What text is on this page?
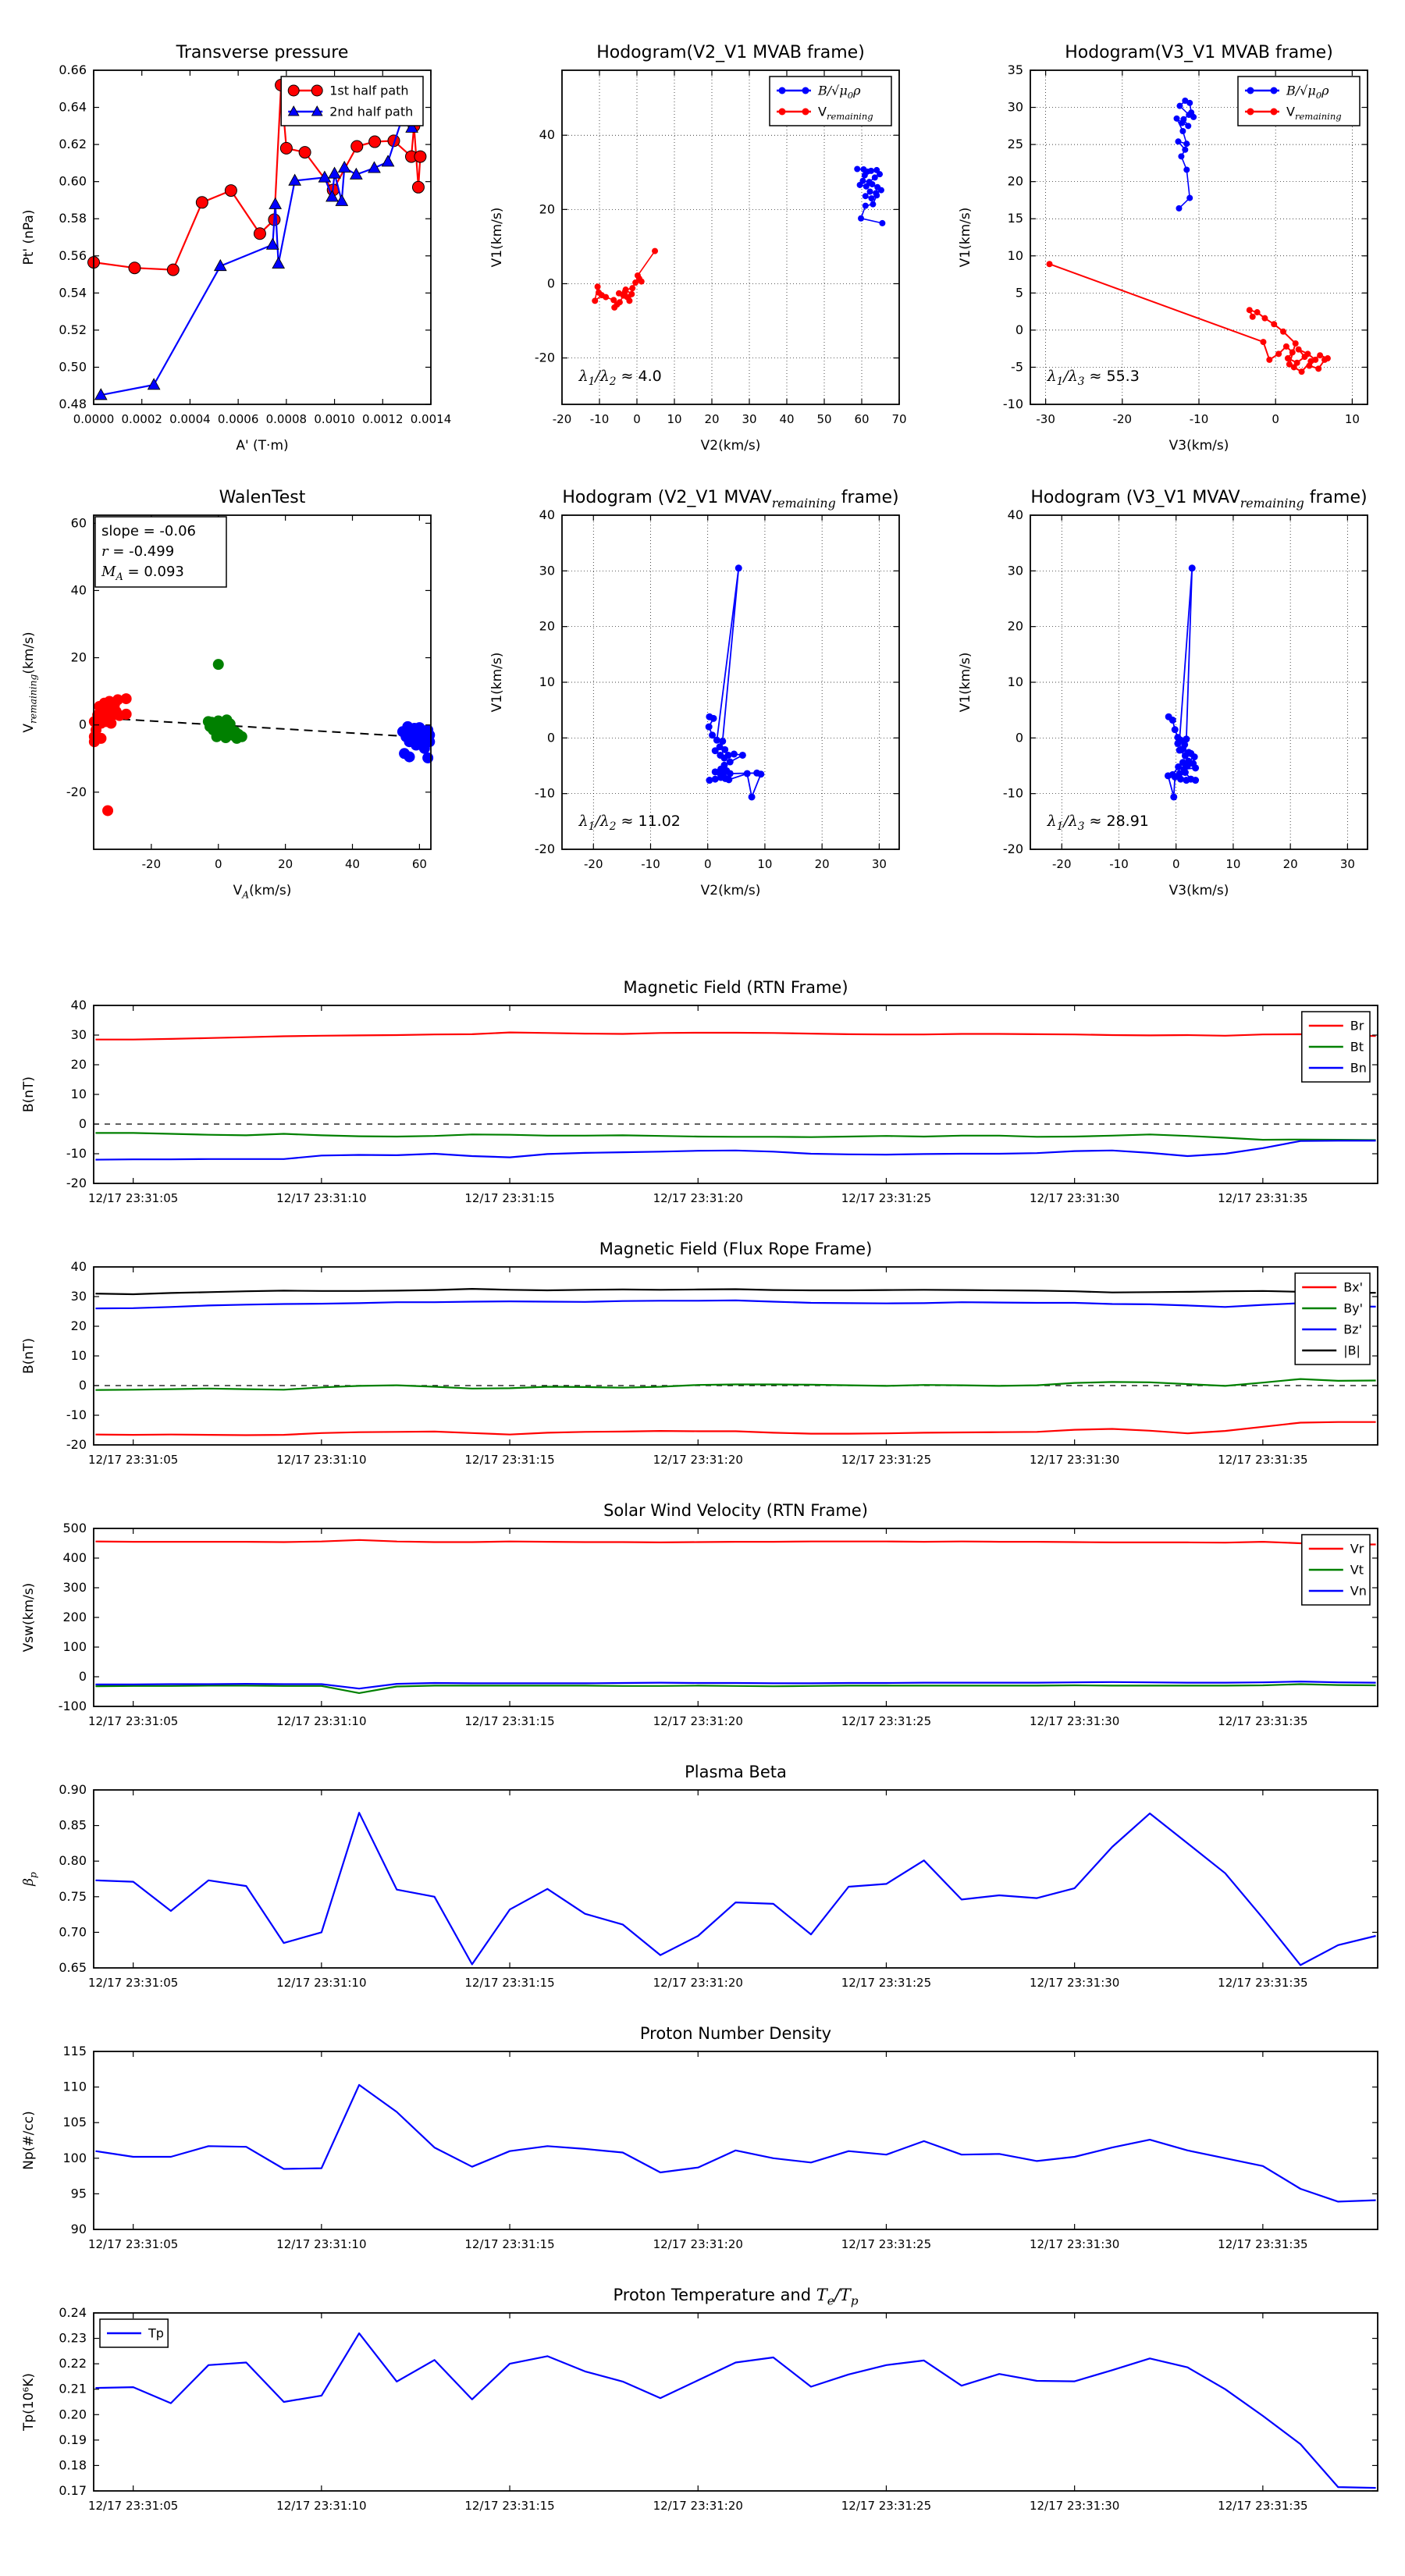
0.0000 0.0002 0.0004 0.0006 0.0008 0.0010 0.0012 0.0014
0.48
0.50
0.52
0.54
0.56
0.58
0.60
0.62
0.64
0.66
Transverse pressure
A' (T·m)
Pt' (nPa)
1st half path
2nd half path
-20 -10 0 10 20 30 40 50 60 70
-20
0
20
40
Hodogram(V2_V1 MVAB frame)
V2(km/s)
V1(km/s)
$\lambda_1/\lambda_2 \approx 4.0$
$B/√\mu_0\rho$
$V_{remaining}$
-30	-20	-10	0	10
-10
-5
0
5
10
15
20
25
30
35
Hodogram(V3_V1 MVAB frame)
V3(km/s)
V1(km/s)
$\lambda_1/\lambda_3 \approx 55.3$
$B/√\mu_0\rho$
$V_{remaining}$
-20	0	20	40	60
-20
0
20
40
60
WalenTest
$V_A(km/s)$
$V_{remaining}(km/s)$
slope = -0.06
r = -0.499
$M_A = 0.093$
-20	-10	0	10	20	30
-20
-10
0
10
20
30
40
Hodogram (V2_V1 $MVAV_{remaining}$ frame)
V2(km/s)
V1(km/s)
$\lambda_1/\lambda_2 \approx 11.02$
-20	-10	0	10	20	30
-20
-10
0
10
20
30
40
Hodogram (V3_V1 $MVAV_{remaining}$ frame)
V3(km/s)
V1(km/s)
$\lambda_1/\lambda_3 \approx 28.91$
12/17 23:31:05	12/17 23:31:10	12/17 23:31:15	12/17 23:31:20	12/17 23:31:25	12/17 23:31:30	12/17 23:31:35
-20
-10
0
10
20
30
40
Magnetic Field (RTN Frame)
B(nT)
Br
Bt
Bn
12/17 23:31:05	12/17 23:31:10	12/17 23:31:15	12/17 23:31:20	12/17 23:31:25	12/17 23:31:30	12/17 23:31:35
-20
-10
0
10
20
30
40
Magnetic Field (Flux Rope Frame)
B(nT)
Bx'
By'
Bz'
|B|
12/17 23:31:05	12/17 23:31:10	12/17 23:31:15	12/17 23:31:20	12/17 23:31:25	12/17 23:31:30	12/17 23:31:35
-100
0
100
200
300
400
500
Solar Wind Velocity (RTN Frame)
Vsw(km/s)
Vr
Vt
Vn
12/17 23:31:05	12/17 23:31:10	12/17 23:31:15	12/17 23:31:20	12/17 23:31:25	12/17 23:31:30	12/17 23:31:35
0.65
0.70
0.75
0.80
0.85
0.90
Plasma Beta
$\beta_p$
12/17 23:31:05	12/17 23:31:10	12/17 23:31:15	12/17 23:31:20	12/17 23:31:25	12/17 23:31:30	12/17 23:31:35
90
95
100
105
110
115
Proton Number Density
Np(#/cc)
12/17 23:31:05	12/17 23:31:10	12/17 23:31:15	12/17 23:31:20	12/17 23:31:25	12/17 23:31:30	12/17 23:31:35
0.17
0.18
0.19
0.20
0.21
0.22
0.23
0.24
Proton Temperature and $T_e/T_p$
Tp(10⁶K)
Tp
